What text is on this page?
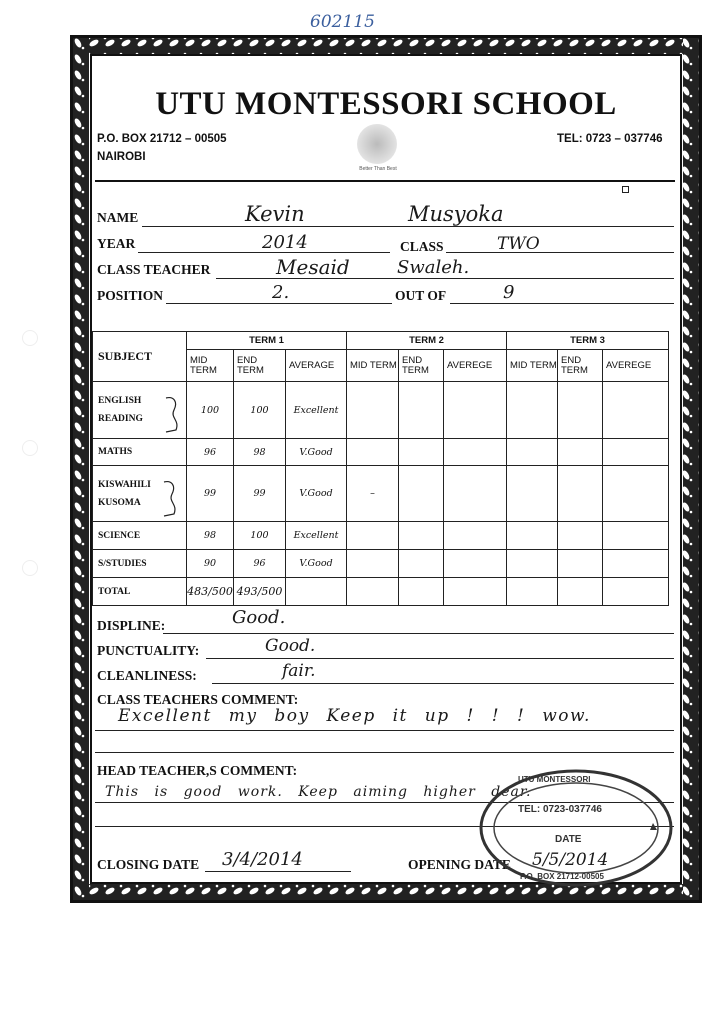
602115
UTU MONTESSORI SCHOOL
P.O. BOX 21712 – 00505
NAIROBI
TEL: 0723 – 037746
Better Than Best
NAME	Kevin	Musyoka
YEAR	2014	CLASS	TWO
CLASS TEACHER	Mesaid	Swaleh.
POSITION	2.	OUT OF	9
SUBJECT	TERM 1			TERM 2			TERM 3		
	MID TERM	END TERM	AVERAGE	MID TERM	END TERM	AVEREGE	MID TERM	END TERM	AVEREGE

ENGLISH
READING	100	100	Excellent						
MATHS	96	98	V.Good						

KISWAHILI
KUSOMA	99	99	V.Good	–					
SCIENCE	98	100	Excellent						
S/STUDIES	90	96	V.Good						
TOTAL	483/500	493/500							
DISPLINE:	Good.
PUNCTUALITY:	Good.
CLEANLINESS:	fair.
CLASS TEACHERS COMMENT:
Excellent my boy Keep it up ! ! ! wow.
HEAD TEACHER,S COMMENT:
This is good work. Keep aiming higher dear.
CLOSING DATE 3/4/2014	OPENING DATE 5/5/2014
UTU MONTESSORI
TEL: 0723-037746
DATE
P.O. BOX 21712-00505
